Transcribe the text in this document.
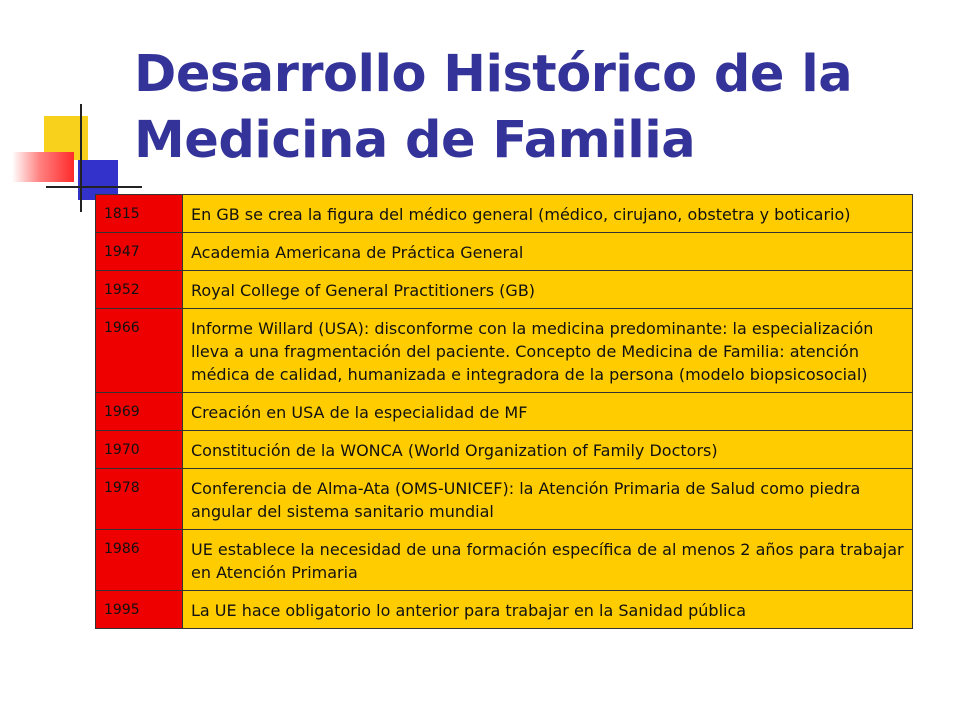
Desarrollo Histórico de la
Medicina de Familia
1815	En GB se crea la figura del médico general (médico, cirujano, obstetra y boticario)
1947	Academia Americana de Práctica General
1952	Royal College of General Practitioners (GB)
1966	Informe Willard (USA): disconforme con la medicina predominante: la especialización lleva a una fragmentación del paciente. Concepto de Medicina de Familia: atención médica de calidad, humanizada e integradora de la persona (modelo biopsicosocial)
1969	Creación en USA de la especialidad de MF
1970	Constitución de la WONCA (World Organization of Family Doctors)
1978	Conferencia de Alma-Ata (OMS-UNICEF): la Atención Primaria de Salud como piedra angular del sistema sanitario mundial
1986	UE establece la necesidad de una formación específica de al menos 2 años para trabajar en Atención Primaria
1995	La UE hace obligatorio lo anterior para trabajar en la Sanidad pública
